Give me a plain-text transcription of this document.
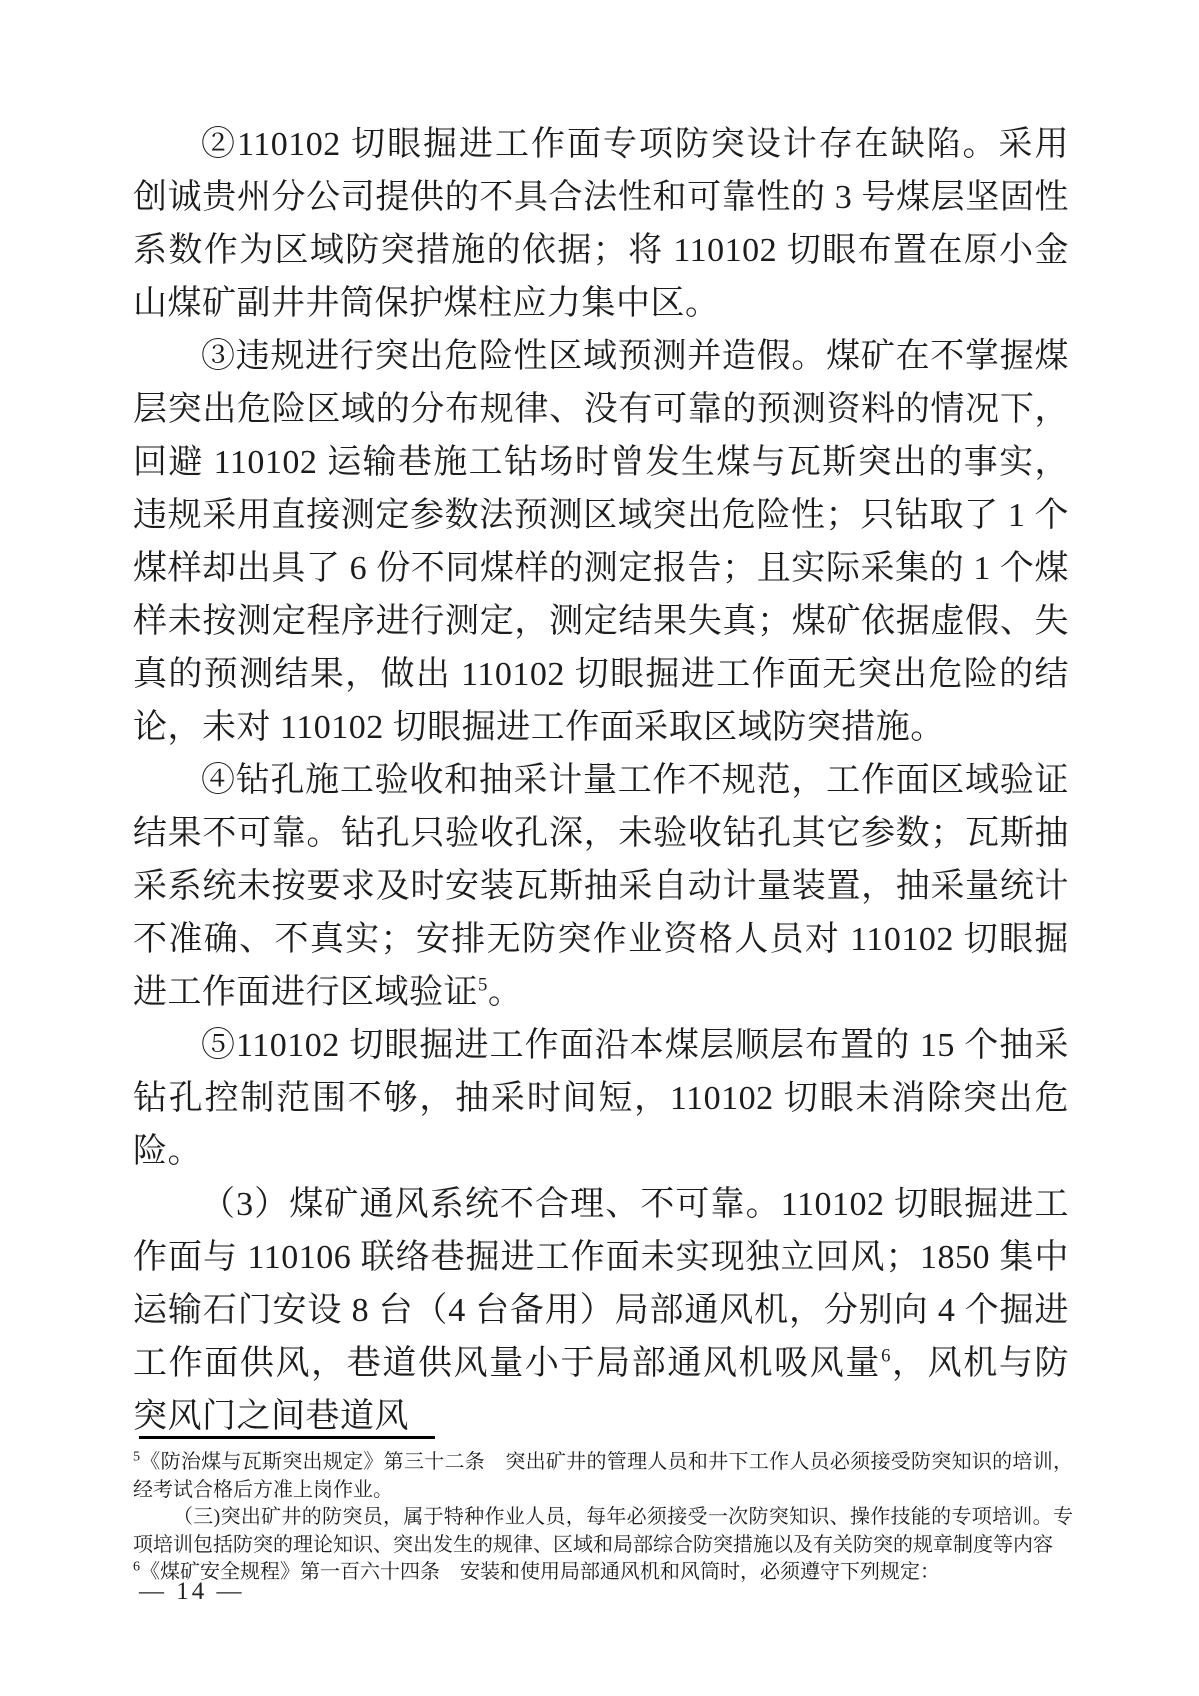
②110102 切眼掘进工作面专项防突设计存在缺陷。采用创诚贵州分公司提供的不具合法性和可靠性的 3 号煤层坚固性系数作为区域防突措施的依据；将 110102 切眼布置在原小金山煤矿副井井筒保护煤柱应力集中区。

③违规进行突出危险性区域预测并造假。煤矿在不掌握煤层突出危险区域的分布规律、没有可靠的预测资料的情况下，回避 110102 运输巷施工钻场时曾发生煤与瓦斯突出的事实，违规采用直接测定参数法预测区域突出危险性；只钻取了 1 个煤样却出具了 6 份不同煤样的测定报告；且实际采集的 1 个煤样未按测定程序进行测定，测定结果失真；煤矿依据虚假、失真的预测结果，做出 110102 切眼掘进工作面无突出危险的结论，未对 110102 切眼掘进工作面采取区域防突措施。

④钻孔施工验收和抽采计量工作不规范，工作面区域验证结果不可靠。钻孔只验收孔深，未验收钻孔其它参数；瓦斯抽采系统未按要求及时安装瓦斯抽采自动计量装置，抽采量统计不准确、不真实；安排无防突作业资格人员对 110102 切眼掘进工作面进行区域验证$^5$。

⑤110102 切眼掘进工作面沿本煤层顺层布置的 15 个抽采钻孔控制范围不够，抽采时间短，110102 切眼未消除突出危险。

（3）煤矿通风系统不合理、不可靠。110102 切眼掘进工作面与 110106 联络巷掘进工作面未实现独立回风；1850 集中运输石门安设 8 台（4 台备用）局部通风机，分别向 4 个掘进工作面供风，巷道供风量小于局部通风机吸风量$^6$，风机与防突风门之间巷道风

$^5$《防治煤与瓦斯突出规定》第三十二条　突出矿井的管理人员和井下工作人员必须接受防突知识的培训，经考试合格后方准上岗作业。

（三)突出矿井的防突员，属于特种作业人员，每年必须接受一次防突知识、操作技能的专项培训。专项培训包括防突的理论知识、突出发生的规律、区域和局部综合防突措施以及有关防突的规章制度等内容

$^6$《煤矿安全规程》第一百六十四条　安装和使用局部通风机和风筒时，必须遵守下列规定：

— 14 —
